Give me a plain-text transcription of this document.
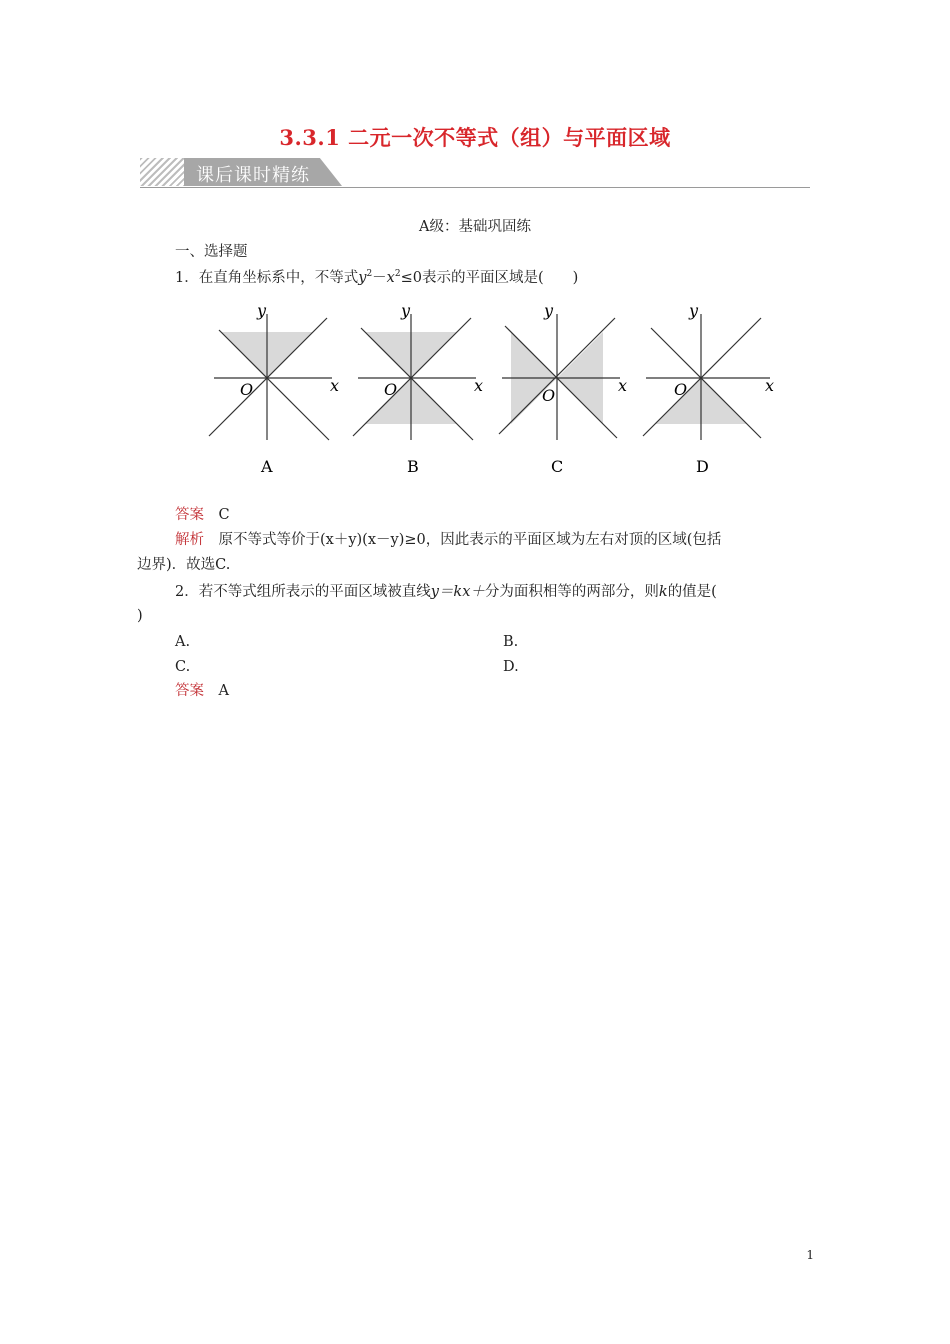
3.3.1 二元一次不等式（组）与平面区域
课后课时精练
A级：基础巩固练
一、选择题
1．在直角坐标系中，不等式$y^2-x^2\le 0$表示的平面区域是(　　)
y
x
O
A
y
x
O
B
y
x
O
C
y
x
O
D
答案　 C
解析　 原不等式等价于(x＋y)(x－y)≥0，因此表示的平面区域为左右对顶的区域(包括
边界)．故选C.
2．若不等式组所表示的平面区域被直线y＝kx＋分为面积相等的两部分，则k的值是(
)
A.	B.
C.	D.
答案　 A
1
